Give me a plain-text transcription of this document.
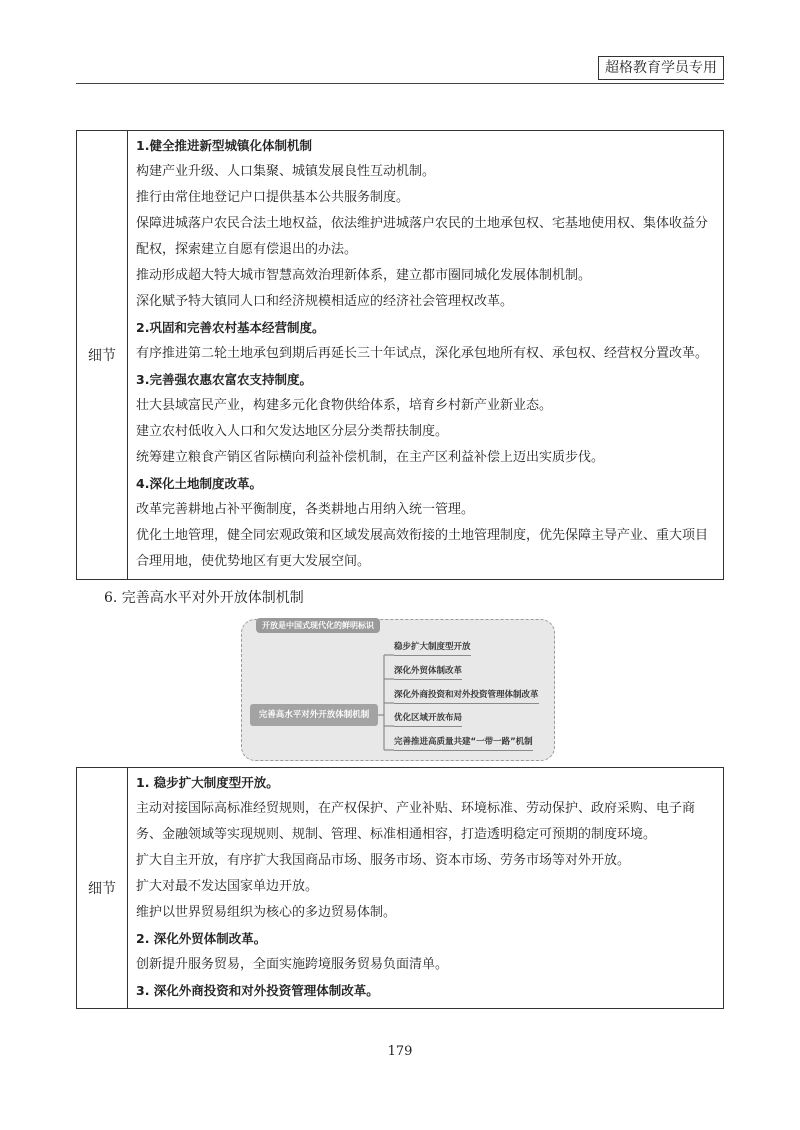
超格教育学员专用
细节	
1.健全推进新型城镇化体制机制
构建产业升级、人口集聚、城镇发展良性互动机制。
推行由常住地登记户口提供基本公共服务制度。
保障进城落户农民合法土地权益，依法维护进城落户农民的土地承包权、宅基地使用权、集体收益分配权，探索建立自愿有偿退出的办法。
推动形成超大特大城市智慧高效治理新体系，建立都市圈同城化发展体制机制。
深化赋予特大镇同人口和经济规模相适应的经济社会管理权改革。
2.巩固和完善农村基本经营制度。
有序推进第二轮土地承包到期后再延长三十年试点，深化承包地所有权、承包权、经营权分置改革。
3.完善强农惠农富农支持制度。
壮大县域富民产业，构建多元化食物供给体系，培育乡村新产业新业态。
建立农村低收入人口和欠发达地区分层分类帮扶制度。
统筹建立粮食产销区省际横向利益补偿机制，在主产区利益补偿上迈出实质步伐。
4.深化土地制度改革。
改革完善耕地占补平衡制度，各类耕地占用纳入统一管理。
优化土地管理，健全同宏观政策和区域发展高效衔接的土地管理制度，优先保障主导产业、重大项目合理用地，使优势地区有更大发展空间。
6. 完善高水平对外开放体制机制
开放是中国式现代化的鲜明标识
完善高水平对外开放体制机制
稳步扩大制度型开放
深化外贸体制改革
深化外商投资和对外投资管理体制改革
优化区域开放布局
完善推进高质量共建“一带一路”机制
细节	
1. 稳步扩大制度型开放。
主动对接国际高标准经贸规则，在产权保护、产业补贴、环境标准、劳动保护、政府采购、电子商务、金融领域等实现规则、规制、管理、标准相通相容，打造透明稳定可预期的制度环境。
扩大自主开放，有序扩大我国商品市场、服务市场、资本市场、劳务市场等对外开放。
扩大对最不发达国家单边开放。
维护以世界贸易组织为核心的多边贸易体制。
2. 深化外贸体制改革。
创新提升服务贸易，全面实施跨境服务贸易负面清单。
3. 深化外商投资和对外投资管理体制改革。
179
